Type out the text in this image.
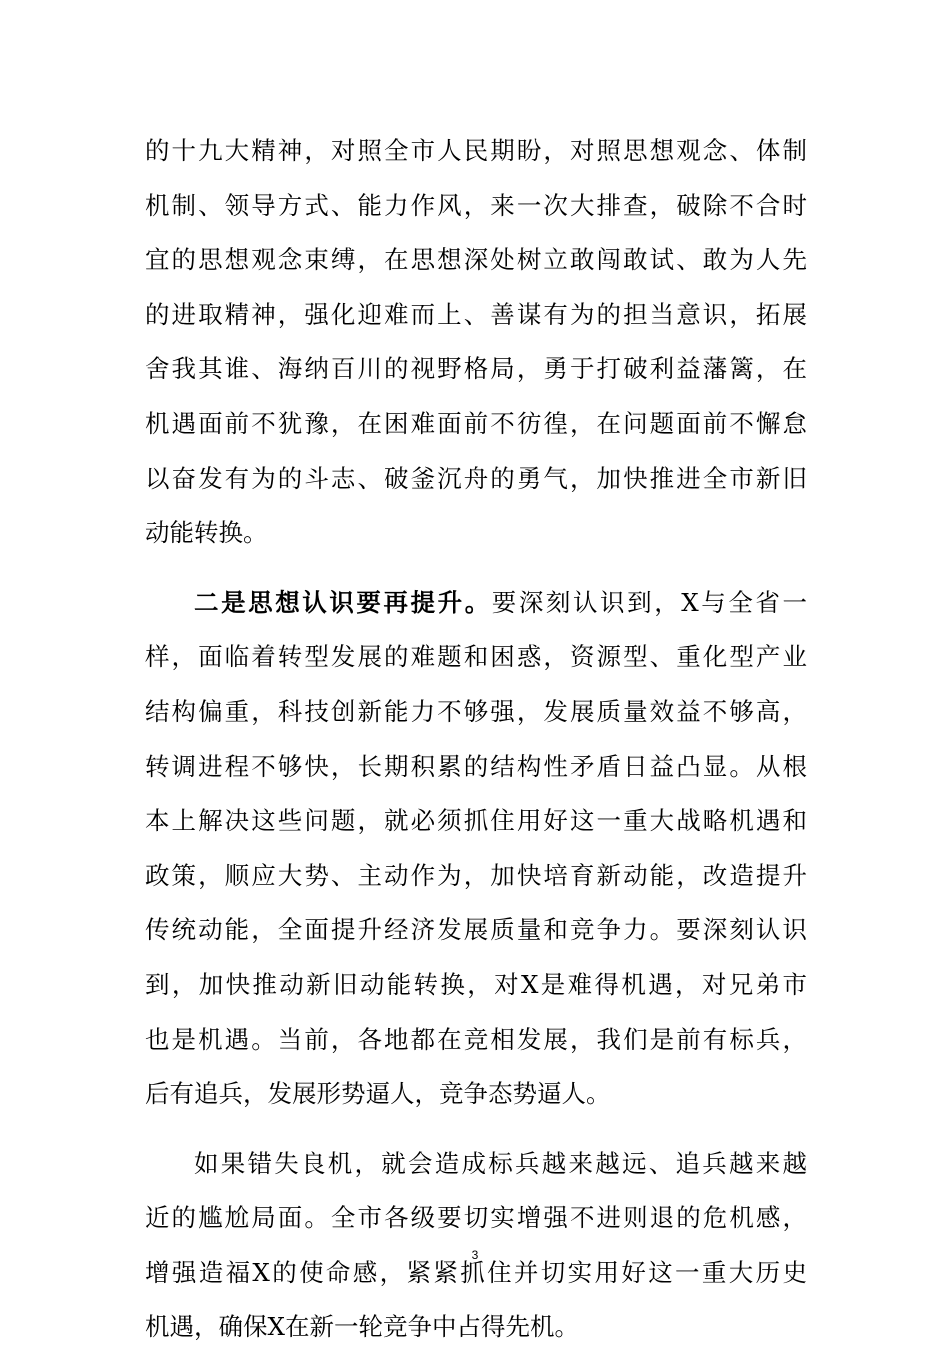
的十九大精神，对照全市人民期盼，对照思想观念、体制
机制、领导方式、能力作风，来一次大排查，破除不合时
宜的思想观念束缚，在思想深处树立敢闯敢试、敢为人先
的进取精神，强化迎难而上、善谋有为的担当意识，拓展
舍我其谁、海纳百川的视野格局，勇于打破利益藩篱，在
机遇面前不犹豫，在困难面前不彷徨，在问题面前不懈怠
以奋发有为的斗志、破釜沉舟的勇气，加快推进全市新旧
动能转换。
二是思想认识要再提升。要深刻认识到，X与全省一
样，面临着转型发展的难题和困惑，资源型、重化型产业
结构偏重，科技创新能力不够强，发展质量效益不够高，
转调进程不够快，长期积累的结构性矛盾日益凸显。从根
本上解决这些问题，就必须抓住用好这一重大战略机遇和
政策，顺应大势、主动作为，加快培育新动能，改造提升
传统动能，全面提升经济发展质量和竞争力。要深刻认识
到，加快推动新旧动能转换，对X是难得机遇，对兄弟市
也是机遇。当前，各地都在竞相发展，我们是前有标兵，
后有追兵，发展形势逼人，竞争态势逼人。
如果错失良机，就会造成标兵越来越远、追兵越来越
近的尴尬局面。全市各级要切实增强不进则退的危机感，
增强造福X的使命感，紧紧抓住并切实用好这一重大历史
机遇，确保X在新一轮竞争中占得先机。
3
